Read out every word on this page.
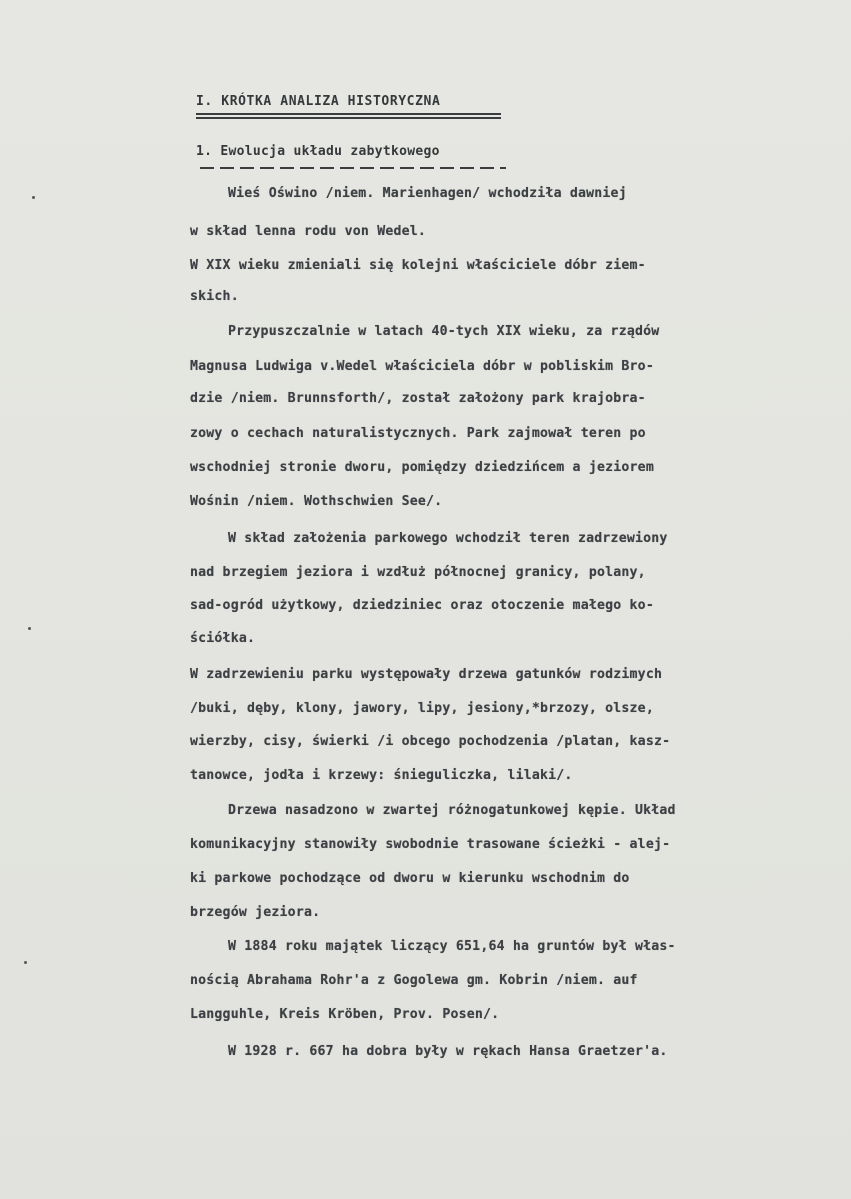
I. KRÓTKA ANALIZA HISTORYCZNA
1. Ewolucja układu zabytkowego
Wieś Oświno /niem. Marienhagen/ wchodziła dawniej
w skład lenna rodu von Wedel.
W XIX wieku zmieniali się kolejni właściciele dóbr ziem-
skich.
Przypuszczalnie w latach 40-tych XIX wieku, za rządów
Magnusa Ludwiga v.Wedel właściciela dóbr w pobliskim Bro-
dzie /niem. Brunnsforth/, został założony park krajobra-
zowy o cechach naturalistycznych. Park zajmował teren po
wschodniej stronie dworu, pomiędzy dziedzińcem a jeziorem
Wośnin /niem. Wothschwien See/.
W skład założenia parkowego wchodził teren zadrzewiony
nad brzegiem jeziora i wzdłuż północnej granicy, polany,
sad-ogród użytkowy, dziedziniec oraz otoczenie małego ko-
ściółka.
W zadrzewieniu parku występowały drzewa gatunków rodzimych
/buki, dęby, klony, jawory, lipy, jesiony,*brzozy, olsze,
wierzby, cisy, świerki /i obcego pochodzenia /platan, kasz-
tanowce, jodła i krzewy: śnieguliczka, lilaki/.
Drzewa nasadzono w zwartej różnogatunkowej kępie. Układ
komunikacyjny stanowiły swobodnie trasowane ścieżki - alej-
ki parkowe pochodzące od dworu w kierunku wschodnim do
brzegów jeziora.
W 1884 roku majątek liczący 651,64 ha gruntów był włas-
nością Abrahama Rohr'a z Gogolewa gm. Kobrin /niem. auf
Langguhle, Kreis Kröben, Prov. Posen/.
W 1928 r. 667 ha dobra były w rękach Hansa Graetzer'a.
